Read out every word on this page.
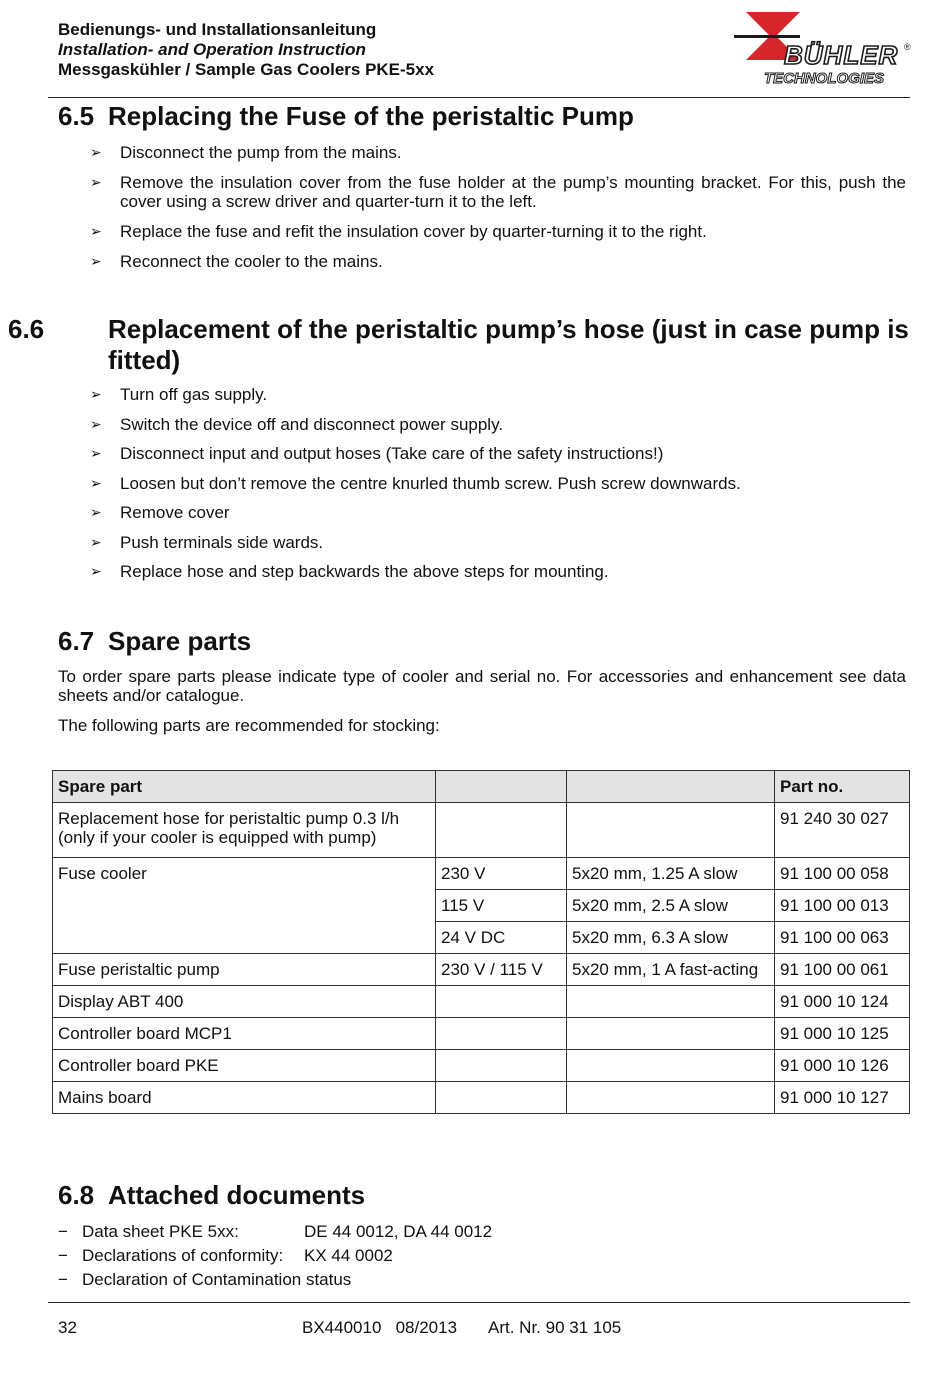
Bedienungs- und Installationsanleitung
Installation- and Operation Instruction
Messgaskühler / Sample Gas Coolers PKE-5xx	BÜHLER ®
TECHNOLOGIES
6.5 Replacing the Fuse of the peristaltic Pump
➢ Disconnect the pump from the mains.
➢ Remove the insulation cover from the fuse holder at the pump’s mounting bracket. For this, push the cover using a screw driver and quarter-turn it to the left.
➢ Replace the fuse and refit the insulation cover by quarter-turning it to the right.
➢ Reconnect the cooler to the mains.
6.6 Replacement of the peristaltic pump’s hose (just in case pump is fitted)
➢ Turn off gas supply.
➢ Switch the device off and disconnect power supply.
➢ Disconnect input and output hoses (Take care of the safety instructions!)
➢ Loosen but don’t remove the centre knurled thumb screw. Push screw downwards.
➢ Remove cover
➢ Push terminals side wards.
➢ Replace hose and step backwards the above steps for mounting.
6.7 Spare parts

To order spare parts please indicate type of cooler and serial no. For accessories and enhancement see data sheets and/or catalogue.

The following parts are recommended for stocking:

Spare part			Part no.
Replacement hose for peristaltic pump 0.3 l/h (only if your cooler is equipped with pump)			91 240 30 027
Fuse cooler	230 V	5x20 mm, 1.25 A slow	91 100 00 058
	115 V	5x20 mm, 2.5 A slow	91 100 00 013
	24 V DC	5x20 mm, 6.3 A slow	91 100 00 063
Fuse peristaltic pump	230 V / 115 V	5x20 mm, 1 A fast-acting	91 100 00 061
Display ABT 400			91 000 10 124
Controller board MCP1			91 000 10 125
Controller board PKE			91 000 10 126
Mains board			91 000 10 127
6.8 Attached documents
− Data sheet PKE 5xx:	DE 44 0012, DA 44 0012
− Declarations of conformity: KX 44 0002
− Declaration of Contamination status
32	BX440010   08/2013 Art. Nr. 90 31 105
